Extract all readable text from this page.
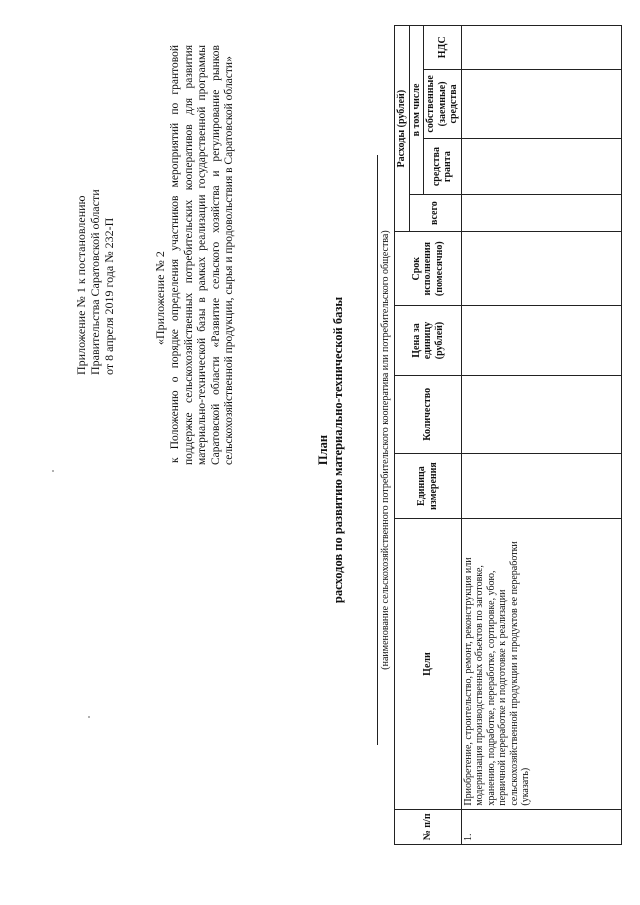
Приложение № 1 к постановлению Правительства Саратовской области от 8 апреля 2019 года № 232-П	«Приложение № 2 к Положению о порядке определения участников мероприятий по грантовой поддержке сельскохозяйственных потребительских кооперативов для развития материально-технической базы в рамках реализации государственной программы Саратовской области «Развитие сельского хозяйства и регулирование рынков сельскохозяйственной продукции, сырья и продовольствия в Саратовской области»	План расходов по развитию материально-технической базы	(наименование сельскохозяйственного потребительского кооператива или потребительского общества)
№ п/п	Цели	Единица измерения	Количество	Цена за единицу (рублей)	Срок исполнения (помесячно)	Расходы (рублей)			
						всего	в том числе		
							средства гранта	собственные (заемные) средства	НДС
1.	Приобретение, строительство, ремонт, реконструкция или модернизация производственных объектов по заготовке, хранению, подработке, переработке, сортировке, убою, первичной переработке и подготовке к реализации сельскохозяйственной продукции и продуктов ее переработки (указать)								
